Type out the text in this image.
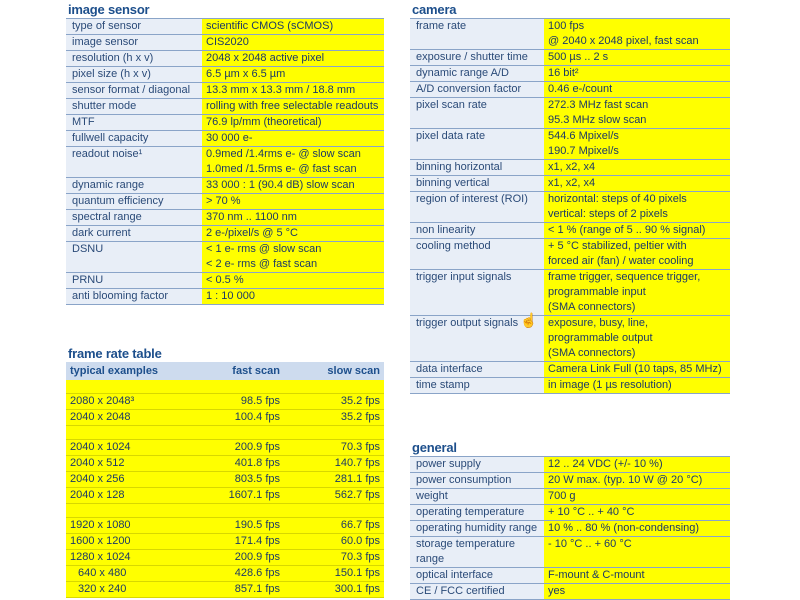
image sensor
type of sensor	scientific CMOS (sCMOS)

image sensor	CIS2020

resolution (h x v)	2048 x 2048 active pixel

pixel size (h x v)	6.5 µm x 6.5 µm

sensor format / diagonal	13.3 mm x 13.3 mm / 18.8 mm

shutter mode	rolling with free selectable readouts

MTF	76.9 lp/mm (theoretical)

fullwell capacity	30 000 e-

readout noise¹	0.9med /1.4rms e- @ slow scan
1.0med /1.5rms e- @ fast scan

dynamic range	33 000 : 1 (90.4 dB) slow scan

quantum efficiency	> 70 %

spectral range	370 nm .. 1100 nm

dark current	2 e-/pixel/s @ 5 °C

DSNU	< 1 e- rms @ slow scan
< 2 e- rms @ fast scan

PRNU	< 0.5 %

anti blooming factor	1 : 10 000
frame rate table
typical examples	fast scan	slow scan

2080 x 2048³	98.5 fps	35.2 fps
2040 x 2048	100.4 fps	35.2 fps

2040 x 1024	200.9 fps	70.3 fps
2040 x 512	401.8 fps	140.7 fps
2040 x 256	803.5 fps	281.1 fps
2040 x 128	1607.1 fps	562.7 fps

1920 x 1080	190.5 fps	66.7 fps
1600 x 1200	171.4 fps	60.0 fps
1280 x 1024	200.9 fps	70.3 fps
640 x 480	428.6 fps	150.1 fps
320 x 240	857.1 fps	300.1 fps
camera
frame rate	100 fps
@ 2040 x 2048 pixel, fast scan

exposure / shutter time	500 µs .. 2 s

dynamic range A/D	16 bit²

A/D conversion factor	0.46 e-/count

pixel scan rate	272.3 MHz fast scan
95.3 MHz slow scan

pixel data rate	544.6 Mpixel/s
190.7 Mpixel/s

binning horizontal	x1, x2, x4

binning vertical	x1, x2, x4

region of interest (ROI)	horizontal: steps of 40 pixels
vertical: steps of 2 pixels

non linearity	< 1 % (range of 5 .. 90 % signal)

cooling method	+ 5 °C stabilized, peltier with
forced air (fan) / water cooling

trigger input signals	frame trigger, sequence trigger,
programmable input
(SMA connectors)

trigger output signals	exposure, busy, line,
programmable output
(SMA connectors)

data interface	Camera Link Full (10 taps, 85 MHz)

time stamp	in image (1 µs resolution)
general
power supply	12 .. 24 VDC (+/- 10 %)

power consumption	20 W max. (typ. 10 W @ 20 °C)

weight	700 g

operating temperature	+ 10 °C .. + 40 °C

operating humidity range	10 % .. 80 % (non-condensing)

storage temperature range	- 10 °C .. + 60 °C

optical interface	F-mount & C-mount

CE / FCC certified	yes
☝
